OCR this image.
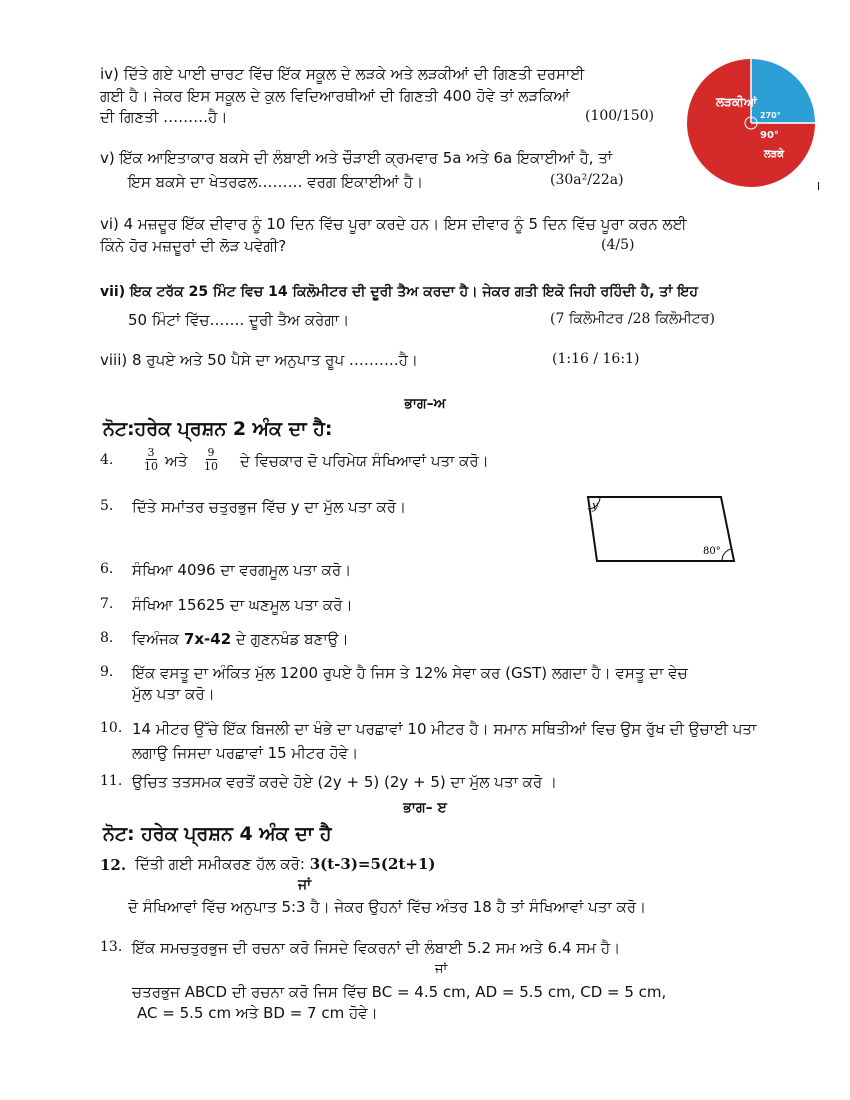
iv) ਦਿੱਤੇ ਗਏ ਪਾਈ ਚਾਰਟ ਵਿੱਚ ਇੱਕ ਸਕੂਲ ਦੇ ਲੜਕੇ ਅਤੇ ਲੜਕੀਆਂ ਦੀ ਗਿਣਤੀ ਦਰਸਾਈ
ਗਈ ਹੈ। ਜੇਕਰ ਇਸ ਸਕੂਲ ਦੇ ਕੁਲ ਵਿਦਿਆਰਥੀਆਂ ਦੀ ਗਿਣਤੀ 400 ਹੋਵੇ ਤਾਂ ਲੜਕਿਆਂ
ਦੀ ਗਿਣਤੀ ………ਹੈ।	(100/150)
ਲੜਕੀਆਂ
270°
90°
ਲੜਕੇ
v) ਇੱਕ ਆਇਤਾਕਾਰ ਬਕਸੇ ਦੀ ਲੰਬਾਈ ਅਤੇ ਚੌੜਾਈ ਕ੍ਰਮਵਾਰ 5a ਅਤੇ 6a ਇਕਾਈਆਂ ਹੈ, ਤਾਂ
ਇਸ ਬਕਸੇ ਦਾ ਖੇਤਰਫਲ……… ਵਰਗ ਇਕਾਈਆਂ ਹੈ।	(30a²/22a)
vi) 4 ਮਜ਼ਦੂਰ ਇੱਕ ਦੀਵਾਰ ਨੂੰ 10 ਦਿਨ ਵਿੱਚ ਪੂਰਾ ਕਰਦੇ ਹਨ। ਇਸ ਦੀਵਾਰ ਨੂੰ 5 ਦਿਨ ਵਿੱਚ ਪੂਰਾ ਕਰਨ ਲਈ
ਕਿੰਨੇ ਹੋਰ ਮਜ਼ਦੂਰਾਂ ਦੀ ਲੋੜ ਪਵੇਗੀ?	(4/5)
vii) ਇਕ ਟਰੱਕ 25 ਮਿੰਟ ਵਿਚ 14 ਕਿਲੋਮੀਟਰ ਦੀ ਦੂਰੀ ਤੈਅ ਕਰਦਾ ਹੈ। ਜੇਕਰ ਗਤੀ ਇਕੋ ਜਿਹੀ ਰਹਿੰਦੀ ਹੈ, ਤਾਂ ਇਹ
50 ਮਿੰਟਾਂ ਵਿੱਚ……. ਦੂਰੀ ਤੈਅ ਕਰੇਗਾ।	(7 ਕਿਲੋਮੀਟਰ /28 ਕਿਲੋਮੀਟਰ)
viii) 8 ਰੁਪਏ ਅਤੇ 50 ਪੈਸੇ ਦਾ ਅਨੁਪਾਤ ਰੂਪ ……….ਹੈ।	(1:16 / 16:1)
ਭਾਗ–ਅ
ਨੋਟ:ਹਰੇਕ ਪ੍ਰਸ਼ਨ 2 ਅੰਕ ਦਾ ਹੈ:
4.	$\frac{3}{10}$ ਅਤੇ $\frac{9}{10}$ ਦੇ ਵਿਚਕਾਰ ਦੋ ਪਰਿਮੇਯ ਸੰਖਿਆਵਾਂ ਪਤਾ ਕਰੋ।
5. ਦਿੱਤੇ ਸਮਾਂਤਰ ਚਤੁਰਭੁਜ ਵਿੱਚ y ਦਾ ਮੁੱਲ ਪਤਾ ਕਰੋ।	y
80°
6. ਸੰਖਿਆ 4096 ਦਾ ਵਰਗਮੂਲ ਪਤਾ ਕਰੋ।
7. ਸੰਖਿਆ 15625 ਦਾ ਘਣਮੂਲ ਪਤਾ ਕਰੋ।
8. ਵਿਅੰਜਕ 7x-42 ਦੇ ਗੁਣਨਖੰਡ ਬਣਾਉ।
9. ਇੱਕ ਵਸਤੂ ਦਾ ਅੰਕਿਤ ਮੁੱਲ 1200 ਰੁਪਏ ਹੈ ਜਿਸ ਤੇ 12% ਸੇਵਾ ਕਰ (GST) ਲਗਦਾ ਹੈ। ਵਸਤੂ ਦਾ ਵੇਚ
ਮੁੱਲ ਪਤਾ ਕਰੋ।
10. 14 ਮੀਟਰ ਉੱਚੇ ਇੱਕ ਬਿਜਲੀ ਦਾ ਖੰਭੇ ਦਾ ਪਰਛਾਵਾਂ 10 ਮੀਟਰ ਹੈ। ਸਮਾਨ ਸਥਿਤੀਆਂ ਵਿਚ ਉਸ ਰੁੱਖ ਦੀ ਉਚਾਈ ਪਤਾ
ਲਗਾਉ ਜਿਸਦਾ ਪਰਛਾਵਾਂ 15 ਮੀਟਰ ਹੋਵੇ।
11. ਉਚਿਤ ਤਤਸਮਕ ਵਰਤੋਂ ਕਰਦੇ ਹੋਏ (2y + 5) (2y + 5) ਦਾ ਮੁੱਲ ਪਤਾ ਕਰੋ ।
ਭਾਗ– ੲ
ਨੋਟ: ਹਰੇਕ ਪ੍ਰਸ਼ਨ 4 ਅੰਕ ਦਾ ਹੈ
12. ਦਿੱਤੀ ਗਈ ਸਮੀਕਰਣ ਹੱਲ ਕਰੋ: 3(t-3)=5(2t+1)
ਜਾਂ
ਦੋ ਸੰਖਿਆਵਾਂ ਵਿੱਚ ਅਨੁਪਾਤ 5:3 ਹੈ। ਜੇਕਰ ਉਹਨਾਂ ਵਿੱਚ ਅੰਤਰ 18 ਹੈ ਤਾਂ ਸੰਖਿਆਵਾਂ ਪਤਾ ਕਰੋ।
13. ਇੱਕ ਸਮਚਤੁਰਭੁਜ ਦੀ ਰਚਨਾ ਕਰੋ ਜਿਸਦੇ ਵਿਕਰਨਾਂ ਦੀ ਲੰਬਾਈ 5.2 ਸਮ ਅਤੇ 6.4 ਸਮ ਹੈ।
ਜਾਂ
ਚਤਰਭੁਜ ABCD ਦੀ ਰਚਨਾ ਕਰੋ ਜਿਸ ਵਿੱਚ BC = 4.5 cm, AD = 5.5 cm, CD = 5 cm,
AC = 5.5 cm ਅਤੇ BD = 7 cm ਹੋਵੇ।
